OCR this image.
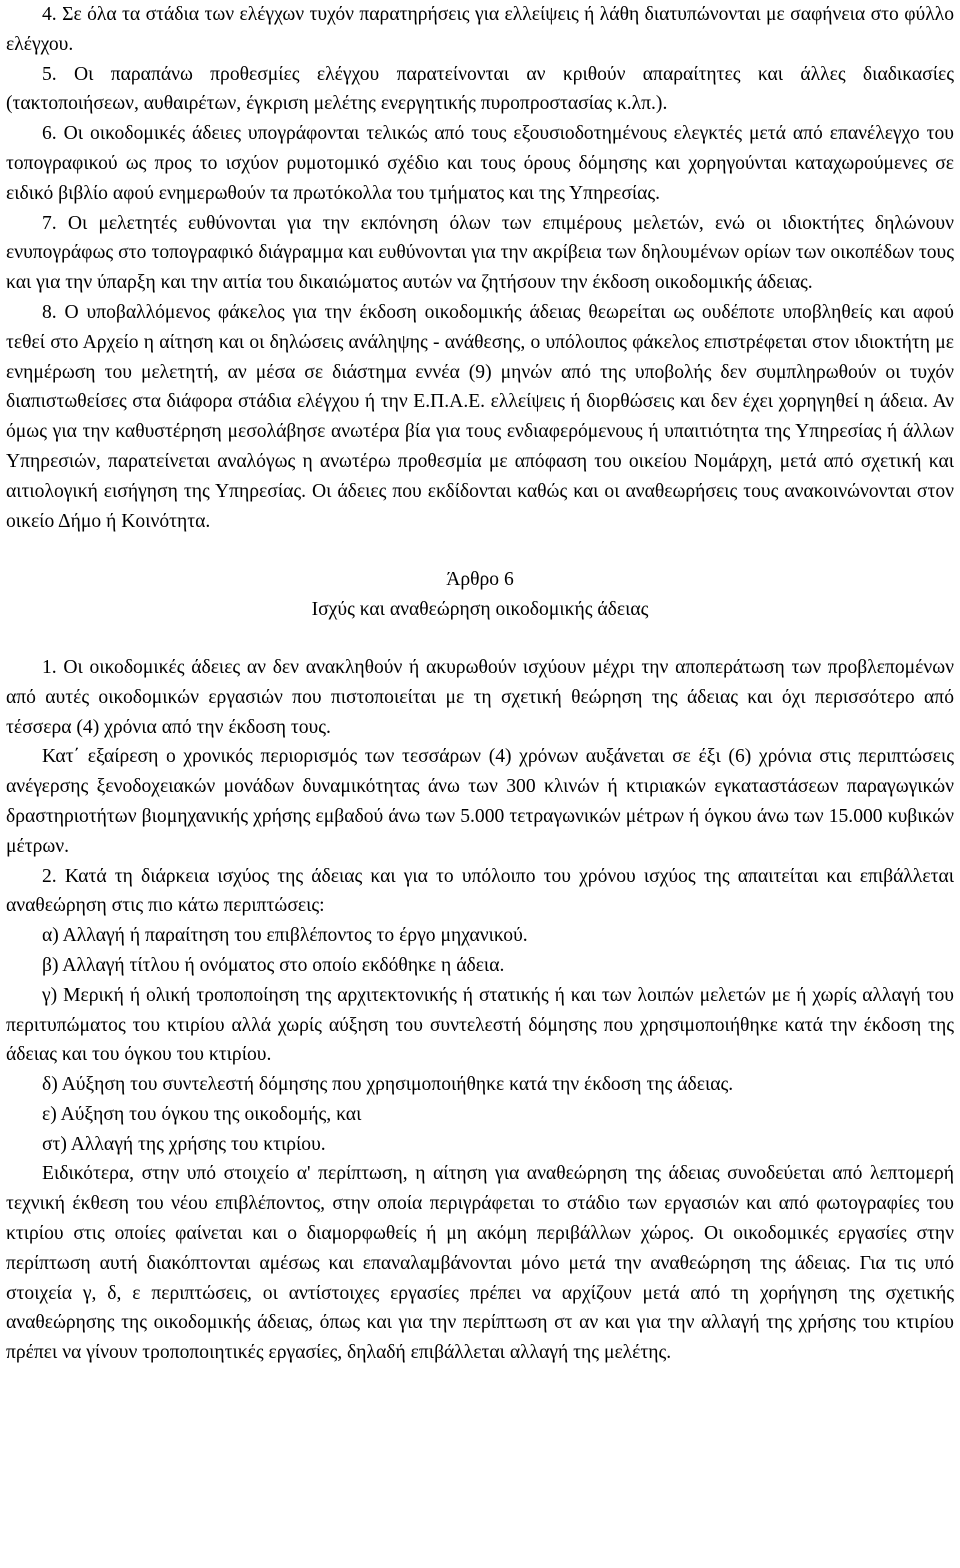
4. Σε όλα τα στάδια των ελέγχων τυχόν παρατηρήσεις για ελλείψεις ή λάθη διατυπώνονται με σαφήνεια στο φύλλο ελέγχου.

5. Οι παραπάνω προθεσμίες ελέγχου παρατείνονται αν κριθούν απαραίτητες και άλλες διαδικασίες (τακτοποιήσεων, αυθαιρέτων, έγκριση μελέτης ενεργητικής πυροπροστασίας κ.λπ.).

6. Οι οικοδομικές άδειες υπογράφονται τελικώς από τους εξουσιοδοτημένους ελεγκτές μετά από επανέλεγχο του τοπογραφικού ως προς το ισχύον ρυμοτομικό σχέδιο και τους όρους δόμησης και χορηγούνται καταχωρούμενες σε ειδικό βιβλίο αφού ενημερωθούν τα πρωτόκολλα του τμήματος και της Υπηρεσίας.

7. Οι μελετητές ευθύνονται για την εκπόνηση όλων των επιμέρους μελετών, ενώ οι ιδιοκτήτες δηλώνουν ενυπογράφως στο τοπογραφικό διάγραμμα και ευθύνονται για την ακρίβεια των δηλουμένων ορίων των οικοπέδων τους και για την ύπαρξη και την αιτία του δικαιώματος αυτών να ζητήσουν την έκδοση οικοδομικής άδειας.

8. Ο υποβαλλόμενος φάκελος για την έκδοση οικοδομικής άδειας θεωρείται ως ουδέποτε υποβληθείς και αφού τεθεί στο Αρχείο η αίτηση και οι δηλώσεις ανάληψης - ανάθεσης, ο υπόλοιπος φάκελος επιστρέφεται στον ιδιοκτήτη με ενημέρωση του μελετητή, αν μέσα σε διάστημα εννέα (9) μηνών από της υποβολής δεν συμπληρωθούν οι τυχόν διαπιστωθείσες στα διάφορα στάδια ελέγχου ή την Ε.Π.Α.Ε. ελλείψεις ή διορθώσεις και δεν έχει χορηγηθεί η άδεια. Αν όμως για την καθυστέρηση μεσολάβησε ανωτέρα βία για τους ενδιαφερόμενους ή υπαιτιότητα της Υπηρεσίας ή άλλων Υπηρεσιών, παρατείνεται αναλόγως η ανωτέρω προθεσμία με απόφαση του οικείου Νομάρχη, μετά από σχετική και αιτιολογική εισήγηση της Υπηρεσίας. Οι άδειες που εκδίδονται καθώς και οι αναθεωρήσεις τους ανακοινώνονται στον οικείο Δήμο ή Κοινότητα.

Άρθρο 6

Ισχύς και αναθεώρηση οικοδομικής άδειας

1. Οι οικοδομικές άδειες αν δεν ανακληθούν ή ακυρωθούν ισχύουν μέχρι την αποπεράτωση των προβλεπομένων από αυτές οικοδομικών εργασιών που πιστοποιείται με τη σχετική θεώρηση της άδειας και όχι περισσότερο από τέσσερα (4) χρόνια από την έκδοση τους.

Κατ΄ εξαίρεση ο χρονικός περιορισμός των τεσσάρων (4) χρόνων αυξάνεται σε έξι (6) χρόνια στις περιπτώσεις ανέγερσης ξενοδοχειακών μονάδων δυναμικότητας άνω των 300 κλινών ή κτιριακών εγκαταστάσεων παραγωγικών δραστηριοτήτων βιομηχανικής χρήσης εμβαδού άνω των 5.000 τετραγωνικών μέτρων ή όγκου άνω των 15.000 κυβικών μέτρων.

2. Κατά τη διάρκεια ισχύος της άδειας και για το υπόλοιπο του χρόνου ισχύος της απαιτείται και επιβάλλεται αναθεώρηση στις πιο κάτω περιπτώσεις:

α) Αλλαγή ή παραίτηση του επιβλέποντος το έργο μηχανικού.

β) Αλλαγή τίτλου ή ονόματος στο οποίο εκδόθηκε η άδεια.

γ) Μερική ή ολική τροποποίηση της αρχιτεκτονικής ή στατικής ή και των λοιπών μελετών με ή χωρίς αλλαγή του περιτυπώματος του κτιρίου αλλά χωρίς αύξηση του συντελεστή δόμησης που χρησιμοποιήθηκε κατά την έκδοση της άδειας και του όγκου του κτιρίου.

δ) Αύξηση του συντελεστή δόμησης που χρησιμοποιήθηκε κατά την έκδοση της άδειας.

ε) Αύξηση του όγκου της οικοδομής, και

στ) Αλλαγή της χρήσης του κτιρίου.

Ειδικότερα, στην υπό στοιχείο α' περίπτωση, η αίτηση για αναθεώρηση της άδειας συνοδεύεται από λεπτομερή τεχνική έκθεση του νέου επιβλέποντος, στην οποία περιγράφεται το στάδιο των εργασιών και από φωτογραφίες του κτιρίου στις οποίες φαίνεται και ο διαμορφωθείς ή μη ακόμη περιβάλλων χώρος. Οι οικοδομικές εργασίες στην περίπτωση αυτή διακόπτονται αμέσως και επαναλαμβάνονται μόνο μετά την αναθεώρηση της άδειας. Για τις υπό στοιχεία γ, δ, ε περιπτώσεις, οι αντίστοιχες εργασίες πρέπει να αρχίζουν μετά από τη χορήγηση της σχετικής αναθεώρησης της οικοδομικής άδειας, όπως και για την περίπτωση στ αν και για την αλλαγή της χρήσης του κτιρίου πρέπει να γίνουν τροποποιητικές εργασίες, δηλαδή επιβάλλεται αλλαγή της μελέτης.
